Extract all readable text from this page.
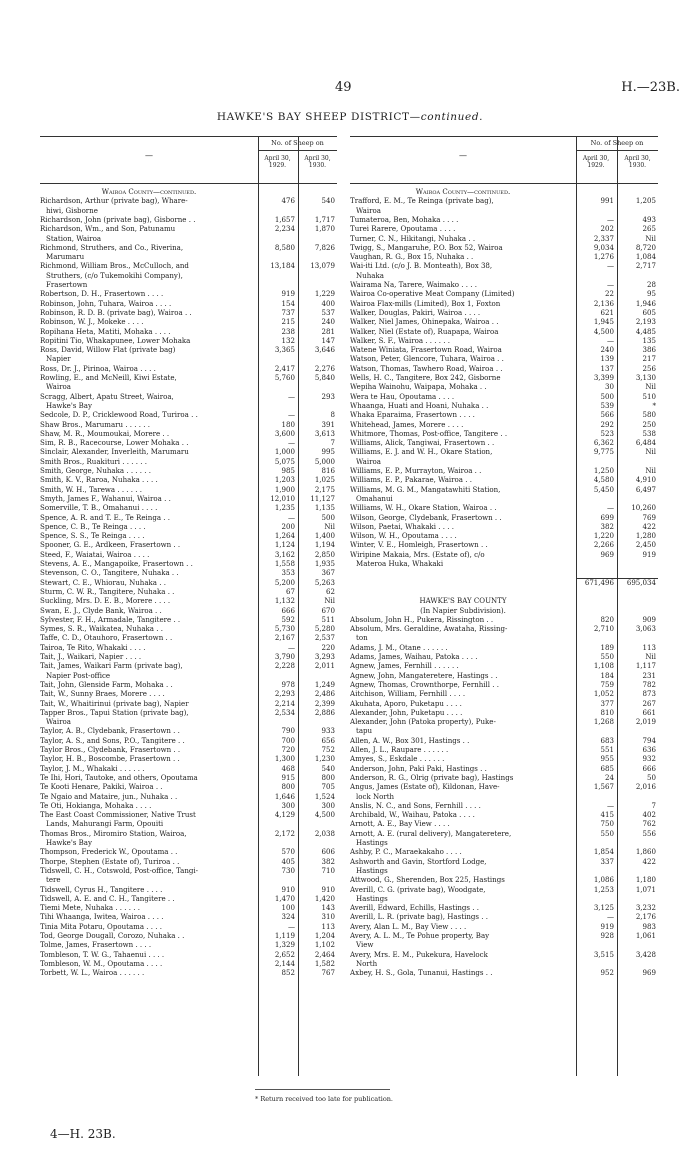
49	H.—23B.
HAWKE'S BAY SHEEP DISTRICT—continued.
—
No. of Sheep on
April 30, 1929.
April 30, 1930.
Wairoa County—continued.
Richardson, Arthur (private bag), Whare-	476	540
hiwi, Gisborne
Richardson, John (private bag), Gisborne . .	1,657	1,717
Richardson, Wm., and Son, Patunamu	2,234	1,870
Station, Wairoa
Richmond, Struthers, and Co., Riverina,	8,580	7,826
Marumaru
Richmond, William Bros., McCulloch, and	13,184	13,079
Struthers, (c/o Tukemokihi Company),
Frasertown
Robertson, D. H., Frasertown . . . .	919	1,229
Robinson, John, Tuhara, Wairoa . . . .	154	400
Robinson, R. D. B. (private bag), Wairoa . .	737	537
Robinson, W. J., Mokeke . . . .	215	240
Ropihana Heta, Matiti, Mohaka . . . .	238	281
Ropitini Tio, Whakapunee, Lower Mohaka	132	147
Ross, David, Willow Flat (private bag)	3,365	3,646
Napier
Ross, Dr. J., Pirinoa, Wairoa . . . .	2,417	2,276
Rowling, E., and McNeill, Kiwi Estate,	5,760	5,840
Wairoa
Scragg, Albert, Apatu Street, Wairoa,	—	293
Hawke's Bay
Sedcole, D. P., Cricklewood Road, Turiroa . .	—	8
Shaw Bros., Marumaru . . . . . .	180	391
Shaw, M. R., Moumoukai, Morere . .	3,600	3,613
Sim, R. B., Racecourse, Lower Mohaka . .	—	7
Sinclair, Alexander, Inverleith, Marumaru	1,000	995
Smith Bros., Ruakituri . . . . . .	5,075	5,000
Smith, George, Nuhaka . . . . . .	985	816
Smith, K. V., Raroa, Nuhaka . . . .	1,203	1,025
Smith, W. H., Tarewa . . . . . .	1,900	2,175
Smyth, James F., Wahanui, Wairoa . .	12,010	11,127
Somerville, T. B., Omahanui . . . .	1,235	1,135
Spence, A. R. and T. E., Te Reinga . .	—	500
Spence, C. B., Te Reinga . . . .	200	Nil
Spence, S. S., Te Reinga . . . .	1,264	1,400
Spooner, G. E., Ardkeen, Frasertown . .	1,124	1,194
Steed, F., Waiatai, Wairoa . . . .	3,162	2,850
Stevens, A. E., Mangapoike, Frasertown . .	1,558	1,935
Stevenson, C. O., Tangitere, Nuhaka . .	353	367
Stewart, C. E., Whiorau, Nuhaka . .	5,200	5,263
Sturm, C. W. R., Tangitere, Nuhaka . .	67	62
Suckling, Mrs. D. E. B., Morere . . . .	1,132	Nil
Swan, E. J., Clyde Bank, Wairoa . .	666	670
Sylvester, F. H., Armadale, Tangitere . .	592	511
Symes, S. R., Waikatea, Nuhaka . .	5,730	5,280
Taffe, C. D., Otauhoro, Frasertown . .	2,167	2,537
Tairoa, Te Rito, Whakaki . . . .	—	220
Tait, J., Waikari, Napier . . . .	3,790	3,293
Tait, James, Waikari Farm (private bag),	2,228	2,011
Napier Post-office
Tait, John, Glenside Farm, Mohaka . .	978	1,249
Tait, W., Sunny Braes, Morere . . . .	2,293	2,486
Tait, W., Whaitirinui (private bag), Napier	2,214	2,399
Tapper Bros., Tapui Station (private bag),	2,534	2,886
Wairoa
Taylor, A. B., Clydebank, Frasertown . .	790	933
Taylor, A. S., and Sons, P.O., Tangitere . .	700	656
Taylor Bros., Clydebank, Frasertown . .	720	752
Taylor, H. B., Boscombe, Frasertown . .	1,300	1,230
Taylor, J. M., Whakaki . . . . . .	468	540
Te Ihi, Hori, Tautoke, and others, Opoutama	915	800
Te Kooti Henare, Pakiki, Wairoa . .	800	705
Te Ngaio and Mataire, jun., Nuhaka . .	1,646	1,524
Te Oti, Hokianga, Mohaka . . . .	300	300
The East Coast Commissioner, Native Trust	4,129	4,500
Lands, Mahurangi Farm, Opouiti
Thomas Bros., Miromiro Station, Wairoa,	2,172	2,038
Hawke's Bay
Thompson, Frederick W., Opoutama . .	570	606
Thorpe, Stephen (Estate of), Turiroa . .	405	382
Tidswell, C. H., Cotswold, Post-office, Tangi-	730	710
tere
Tidswell, Cyrus H., Tangitere . . . .	910	910
Tidswell, A. E. and C. H., Tangitere . .	1,470	1,420
Tiemi Mete, Nuhaka . . . . . .	100	143
Tihi Whaanga, Iwitea, Wairoa . . . .	324	310
Tinia Mita Potaru, Opoutama . . . .	—	113
Tod, George Dougall, Corozo, Nuhaka . .	1,119	1,204
Tolme, James, Frasertown . . . .	1,329	1,102
Tombleson, T. W. G., Tahaenui . . . .	2,652	2,464
Tombleson, W. M., Opoutama . . . .	2,144	1,582
Torbett, W. L., Wairoa . . . . . .	852	767
—
No. of Sheep on
April 30, 1929.
April 30, 1930.
Wairoa County—continued.
Trafford, E. M., Te Reinga (private bag),	991	1,205
Wairoa
Tumateroa, Ben, Mohaka . . . .	—	493
Turei Rarere, Opoutama . . . .	202	265
Turner, C. N., Hikitangi, Nuhaka . .	2,337	Nil
Twigg, S., Mangaruhe, P.O. Box 52, Wairoa	9,034	8,720
Vaughan, R. G., Box 15, Nuhaka . .	1,276	1,084
Wai-iti Ltd. (c/o J. B. Monteath), Box 38,	—	2,717
Nuhaka
Wairama Na, Tarere, Waimako . . . .	—	28
Wairoa Co-operative Meat Company (Limited)	22	95
Wairoa Flax-mills (Limited), Box 1, Foxton	2,136	1,946
Walker, Douglas, Pakiri, Wairoa . . . .	621	605
Walker, Niel James, Ohinepaka, Wairoa . .	1,945	2,193
Walker, Niel (Estate of), Ruapapa, Wairoa	4,500	4,485
Walker, S. F., Wairoa . . . . . .	—	135
Watene Winiata, Frasertown Road, Wairoa	240	386
Watson, Peter, Glencore, Tuhara, Wairoa . .	139	217
Watson, Thomas, Tawhero Road, Wairoa . .	137	256
Wells, H. C., Tangitere, Box 242, Gisborne	3,399	3,130
Wepiha Wainohu, Waipapa, Mohaka . .	30	Nil
Wera te Hau, Opoutama . . . .	500	510
Whaanga, Huati and Hoani, Nuhaka . .	539	*
Whaka Eparaima, Frasertown . . . .	566	580
Whitehead, James, Morere . . . .	292	250
Whitmore, Thomas, Post-office, Tangitere . .	523	538
Williams, Alick, Tangiwai, Frasertown . .	6,362	6,484
Williams, E. J. and W. H., Okare Station,	9,775	Nil
Wairoa
Williams, E. P., Murrayton, Wairoa . .	1,250	Nil
Williams, E. P., Pakarae, Wairoa . .	4,580	4,910
Williams, M. G. M., Mangatawhiti Station,	5,450	6,497
Omahanui
Williams, W. H., Okare Station, Wairoa . .	—	10,260
Wilson, George, Clydebank, Frasertown . .	699	769
Wilson, Paetai, Whakaki . . . .	382	422
Wilson, W. H., Opoutama . . . .	1,220	1,280
Winter, V. E., Homleigh, Frasertown . .	2,266	2,450
Wiripine Makaia, Mrs. (Estate of), c/o	969	919
Materoa Huka, Whakaki
671,496	695,034
HAWKE'S BAY COUNTY
(In Napier Subdivision).
Absolum, John H., Pukera, Rissington . .	820	909
Absolum, Mrs. Geraldine, Awataha, Rissing-	2,710	3,063
ton
Adams, J. M., Otane . . . . . .	189	113
Adams, James, Waihau, Patoka . . . .	550	Nil
Agnew, James, Fernhill . . . . . .	1,108	1,117
Agnew, John, Mangateretere, Hastings . .	184	231
Agnew, Thomas, Crownthorpe, Fernhill . .	759	782
Aitchison, William, Fernhill . . . .	1,052	873
Akuhata, Aporo, Puketapu . . . .	377	267
Alexander, John, Puketapu . . . .	810	661
Alexander, John (Patoka property), Puke-	1,268	2,019
tapu
Allen, A. W., Box 301, Hastings . .	683	794
Allen, J. L., Raupare . . . . . .	551	636
Amyes, S., Eskdale . . . . . .	955	932
Anderson, John, Paki Paki, Hastings . .	685	666
Anderson, R. G., Olrig (private bag), Hastings	24	50
Angus, James (Estate of), Kildonan, Have-	1,567	2,016
lock North
Anslis, N. C., and Sons, Fernhill . . . .	—	7
Archibald, W., Waihau, Patoka . . . .	415	402
Arnott, A. E., Bay View . . . .	750	762
Arnott, A. E. (rural delivery), Mangateretere,	550	556
Hastings
Ashby, P. C., Maraekakaho . . . .	1,854	1,860
Ashworth and Gavin, Stortford Lodge,	337	422
Hastings
Attwood, G., Sherenden, Box 225, Hastings	1,086	1,180
Averill, C. G. (private bag), Woodgate,	1,253	1,071
Hastings
Averill, Edward, Echills, Hastings . .	3,125	3,232
Averill, L. R. (private bag), Hastings . .	—	2,176
Avery, Alan L. M., Bay View . . . .	919	983
Avery, A. L. M., Te Pohue property, Bay	928	1,061
View
Avery, Mrs. E. M., Pukekura, Havelock	3,515	3,428
North
Axbey, H. S., Gola, Tunanui, Hastings . .	952	969
* Return received too late for publication.
4—H. 23B.
